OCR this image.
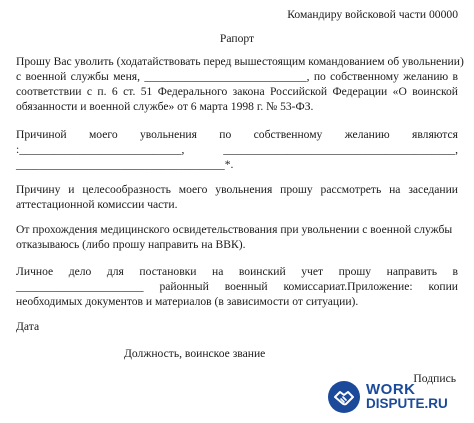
Командиру войсковой части 00000
Рапорт
Прошу Вас уволить (ходатайствовать перед вышестоящим командованием об увольнении)
с военной службы меня, ____________________________, по собственному желанию в
соответствии с п. 6 ст. 51 Федерального закона Российской Федерации «О воинской
обязанности и военной службе» от 6 марта 1998 г. № 53-ФЗ.
Причиной моего увольнения по собственному желанию являются
:____________________________, ________________________________________,
____________________________________*.
Причину и целесообразность моего увольнения прошу рассмотреть на заседании
аттестационной комиссии части.
От прохождения медицинского освидетельствования при увольнении с военной службы
отказываюсь (либо прошу направить на ВВК).
Личное дело для постановки на воинский учет прошу направить в
______________________ районный военный комиссариат.Приложение: копии
необходимых документов и материалов (в зависимости от ситуации).
Дата
Должность, воинское звание
Подпись
WORK
DISPUTE.RU
